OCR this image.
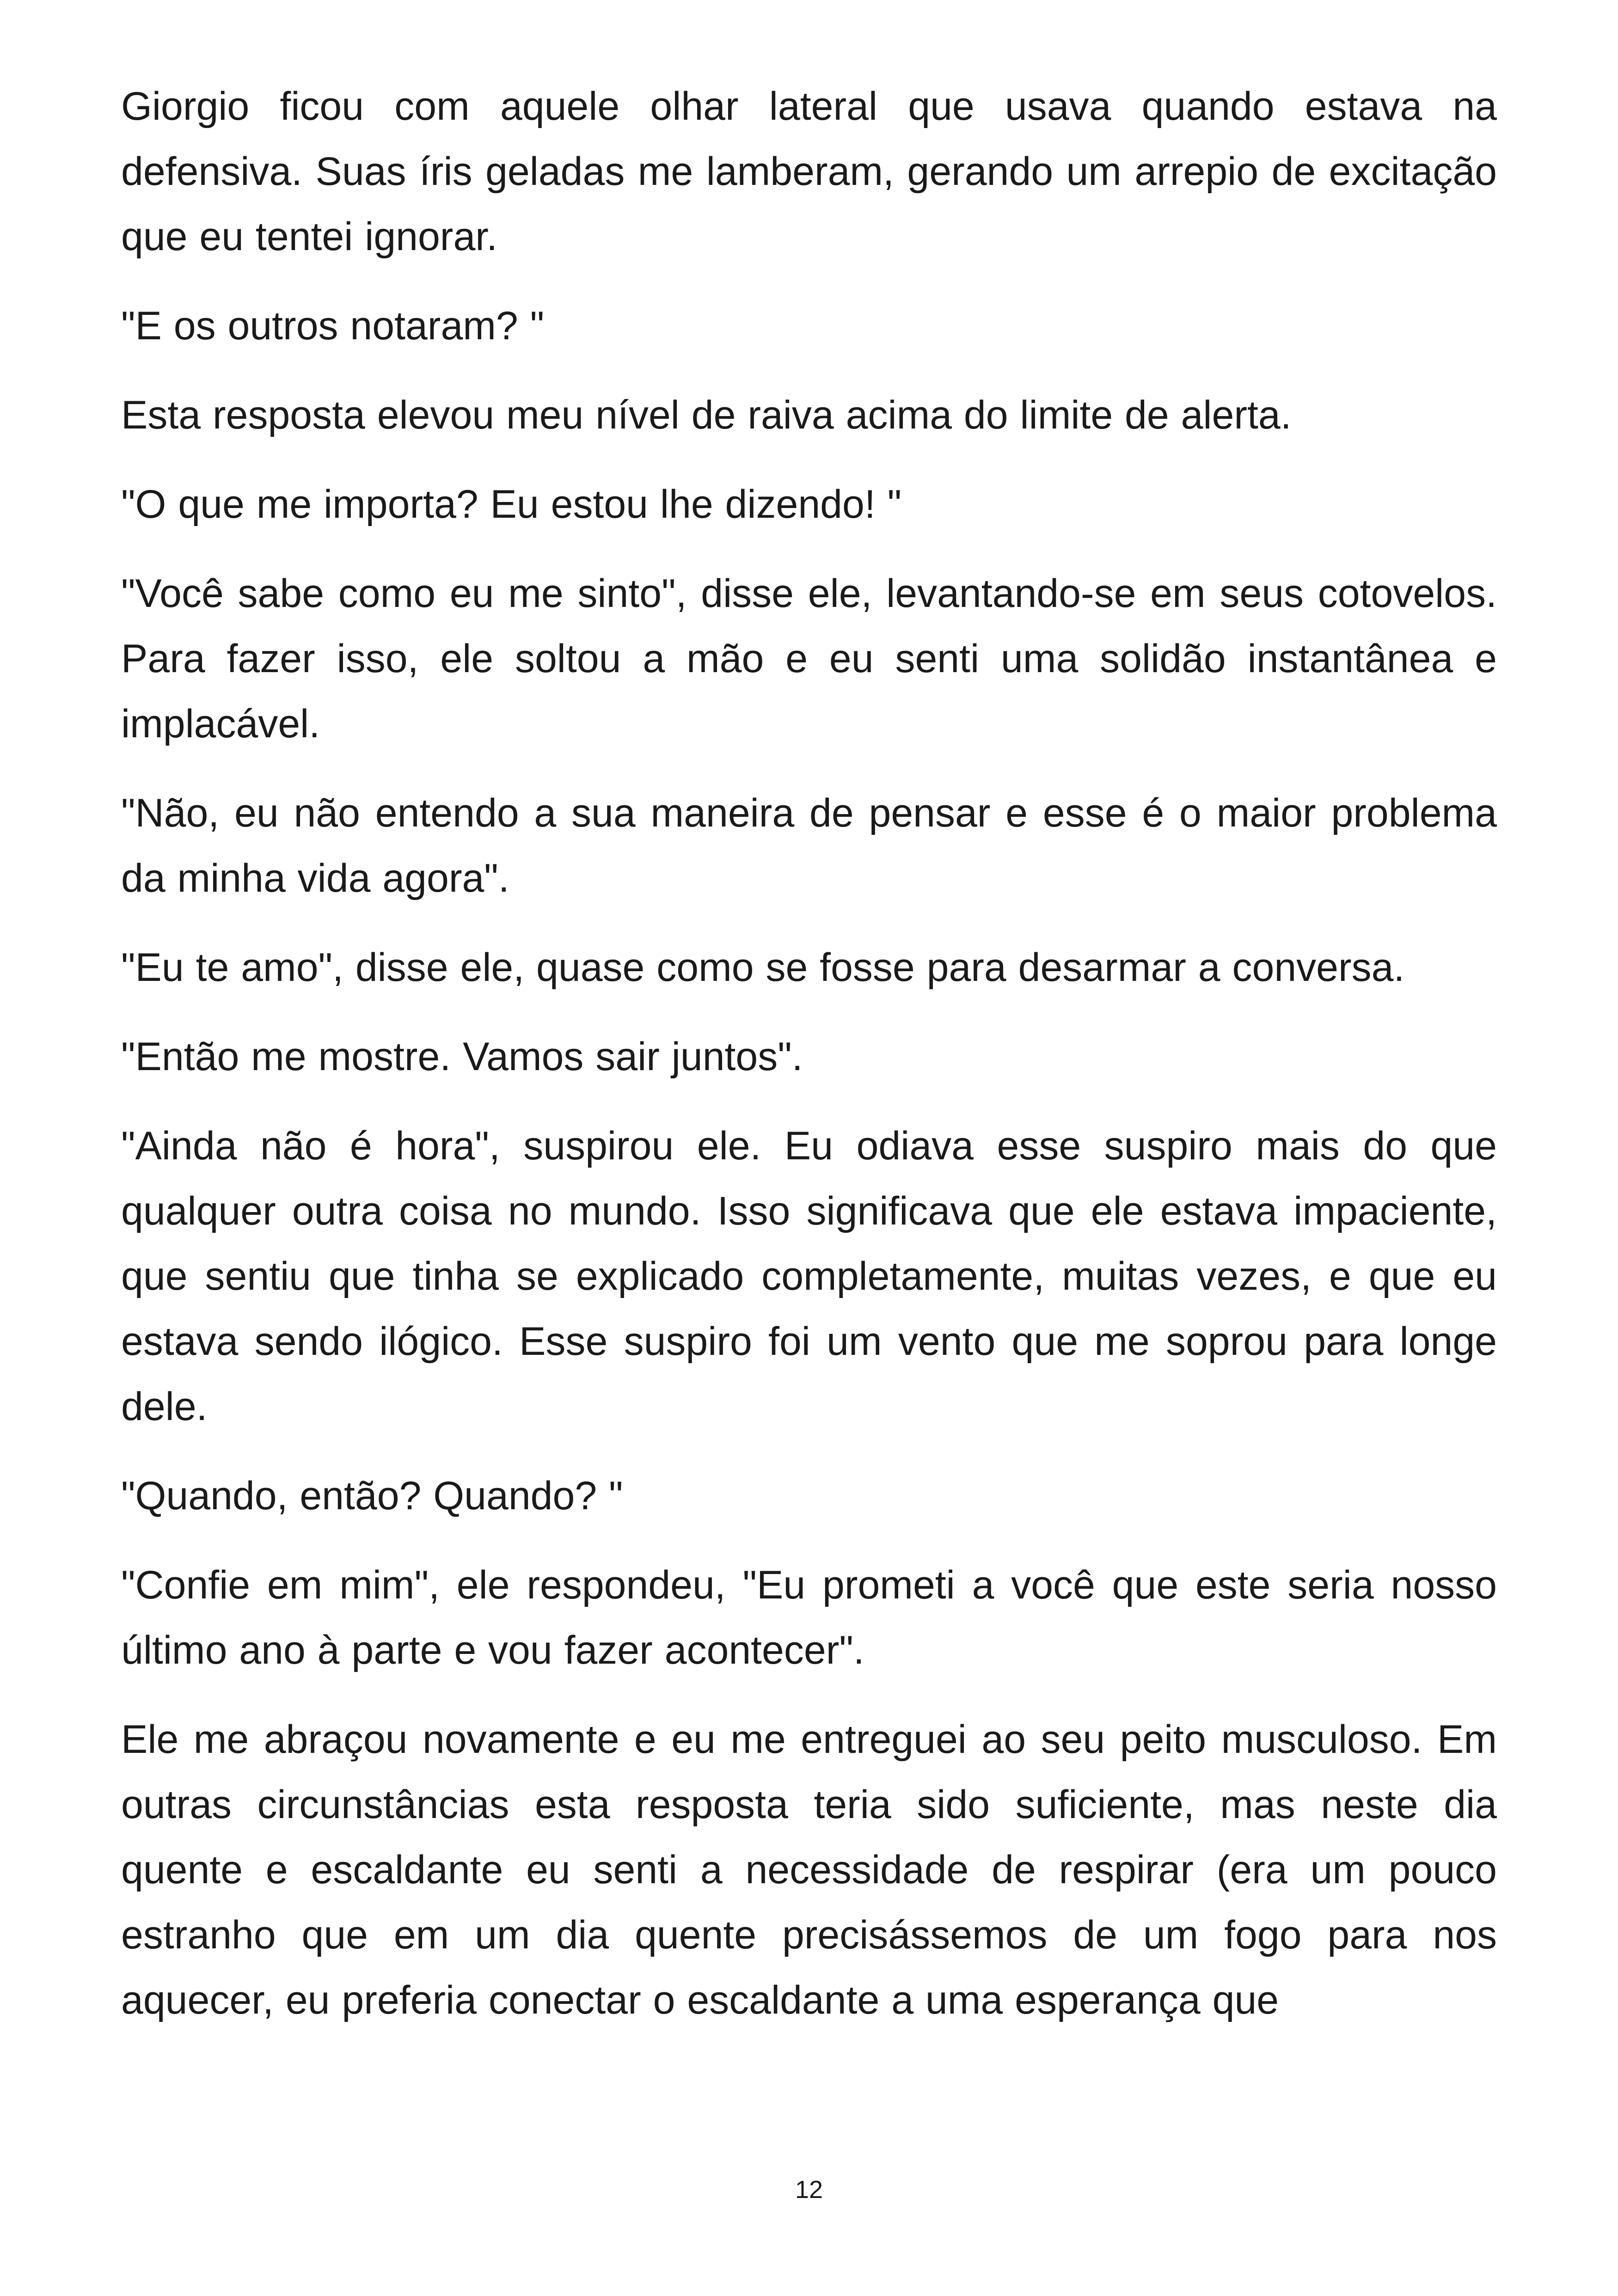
Giorgio ficou com aquele olhar lateral que usava quando estava na defensiva. Suas íris geladas me lamberam, gerando um arrepio de excitação que eu tentei ignorar.

"E os outros notaram? "

Esta resposta elevou meu nível de raiva acima do limite de alerta.

"O que me importa? Eu estou lhe dizendo! "

"Você sabe como eu me sinto", disse ele, levantando-se em seus cotovelos. Para fazer isso, ele soltou a mão e eu senti uma solidão instantânea e implacável.

"Não, eu não entendo a sua maneira de pensar e esse é o maior problema da minha vida agora".

"Eu te amo", disse ele, quase como se fosse para desarmar a conversa.

"Então me mostre. Vamos sair juntos".

"Ainda não é hora", suspirou ele. Eu odiava esse suspiro mais do que qualquer outra coisa no mundo. Isso significava que ele estava impaciente, que sentiu que tinha se explicado completamente, muitas vezes, e que eu estava sendo ilógico. Esse suspiro foi um vento que me soprou para longe dele.

"Quando, então? Quando? "

"Confie em mim", ele respondeu, "Eu prometi a você que este seria nosso último ano à parte e vou fazer acontecer".

Ele me abraçou novamente e eu me entreguei ao seu peito musculoso. Em outras circunstâncias esta resposta teria sido suficiente, mas neste dia quente e escaldante eu senti a necessidade de respirar (era um pouco estranho que em um dia quente precisássemos de um fogo para nos aquecer, eu preferia conectar o escaldante a uma esperança que

12
